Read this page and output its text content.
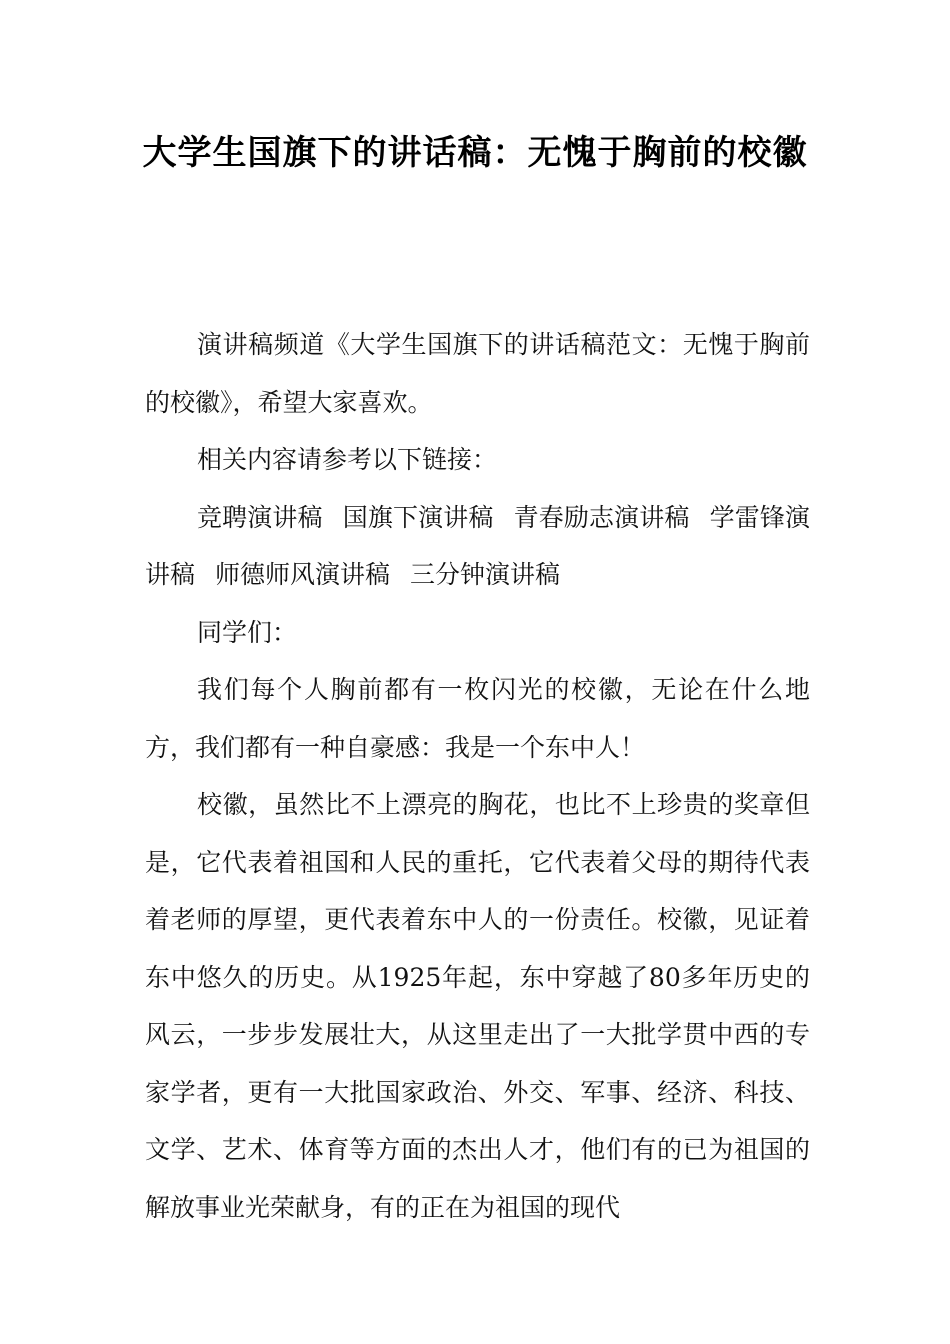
大学生国旗下的讲话稿：无愧于胸前的校徽

演讲稿频道《大学生国旗下的讲话稿范文：无愧于胸前的校徽》，希望大家喜欢。

相关内容请参考以下链接：

竞聘演讲稿 国旗下演讲稿 青春励志演讲稿 学雷锋演讲稿 师德师风演讲稿 三分钟演讲稿

同学们：

我们每个人胸前都有一枚闪光的校徽，无论在什么地方，我们都有一种自豪感：我是一个东中人！

校徽，虽然比不上漂亮的胸花，也比不上珍贵的奖章但是，它代表着祖国和人民的重托，它代表着父母的期待代表着老师的厚望，更代表着东中人的一份责任。校徽，见证着东中悠久的历史。从1925年起，东中穿越了80多年历史的风云，一步步发展壮大，从这里走出了一大批学贯中西的专家学者，更有一大批国家政治、外交、军事、经济、科技、文学、艺术、体育等方面的杰出人才，他们有的已为祖国的解放事业光荣献身，有的正在为祖国的现代
